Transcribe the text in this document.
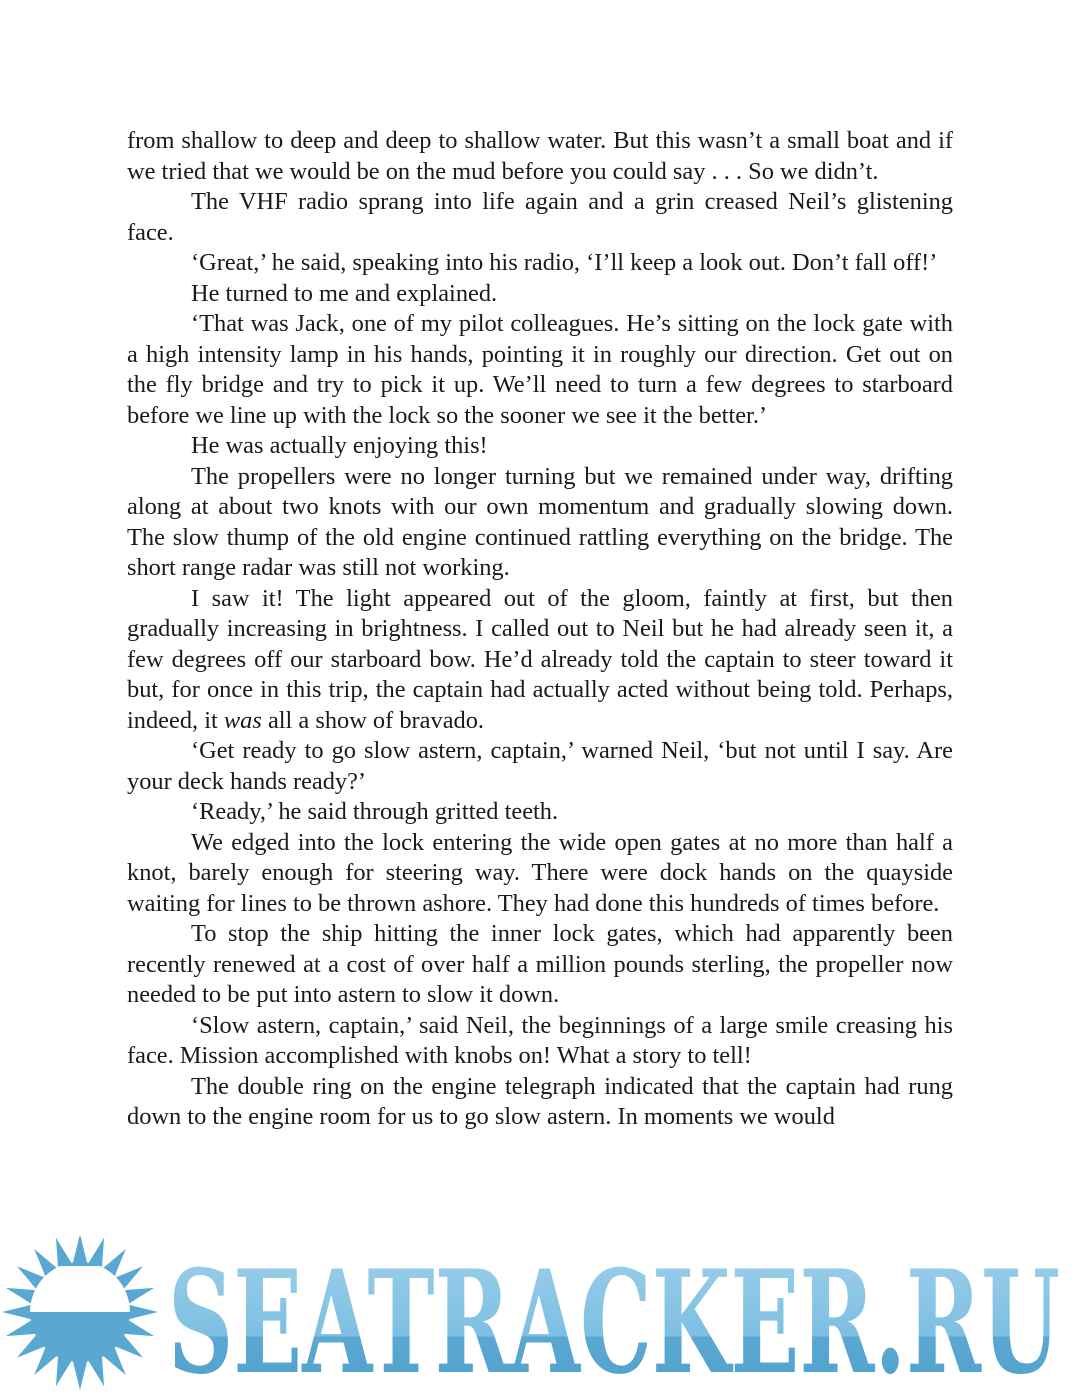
from shallow to deep and deep to shallow water. But this wasn’t a small boat and if we tried that we would be on the mud before you could say . . . So we didn’t.

The VHF radio sprang into life again and a grin creased Neil’s glistening face.

‘Great,’ he said, speaking into his radio, ‘I’ll keep a look out. Don’t fall off!’

He turned to me and explained.

‘That was Jack, one of my pilot colleagues. He’s sitting on the lock gate with a high intensity lamp in his hands, pointing it in roughly our direction. Get out on the fly bridge and try to pick it up. We’ll need to turn a few degrees to starboard before we line up with the lock so the sooner we see it the better.’

He was actually enjoying this!

The propellers were no longer turning but we remained under way, drifting along at about two knots with our own momentum and gradually slowing down. The slow thump of the old engine continued rattling everything on the bridge. The short range radar was still not working.

I saw it! The light appeared out of the gloom, faintly at first, but then gradually increasing in brightness. I called out to Neil but he had already seen it, a few degrees off our starboard bow. He’d already told the captain to steer toward it but, for once in this trip, the captain had actually acted without being told. Perhaps, indeed, it was all a show of bravado.

‘Get ready to go slow astern, captain,’ warned Neil, ‘but not until I say. Are your deck hands ready?’

‘Ready,’ he said through gritted teeth.

We edged into the lock entering the wide open gates at no more than half a knot, barely enough for steering way. There were dock hands on the quayside waiting for lines to be thrown ashore. They had done this hundreds of times before.

To stop the ship hitting the inner lock gates, which had apparently been recently renewed at a cost of over half a million pounds sterling, the propeller now needed to be put into astern to slow it down.

‘Slow astern, captain,’ said Neil, the beginnings of a large smile creasing his face. Mission accomplished with knobs on! What a story to tell!

The double ring on the engine telegraph indicated that the captain had rung down to the engine room for us to go slow astern. In moments we would

SEATRACKER.RU
